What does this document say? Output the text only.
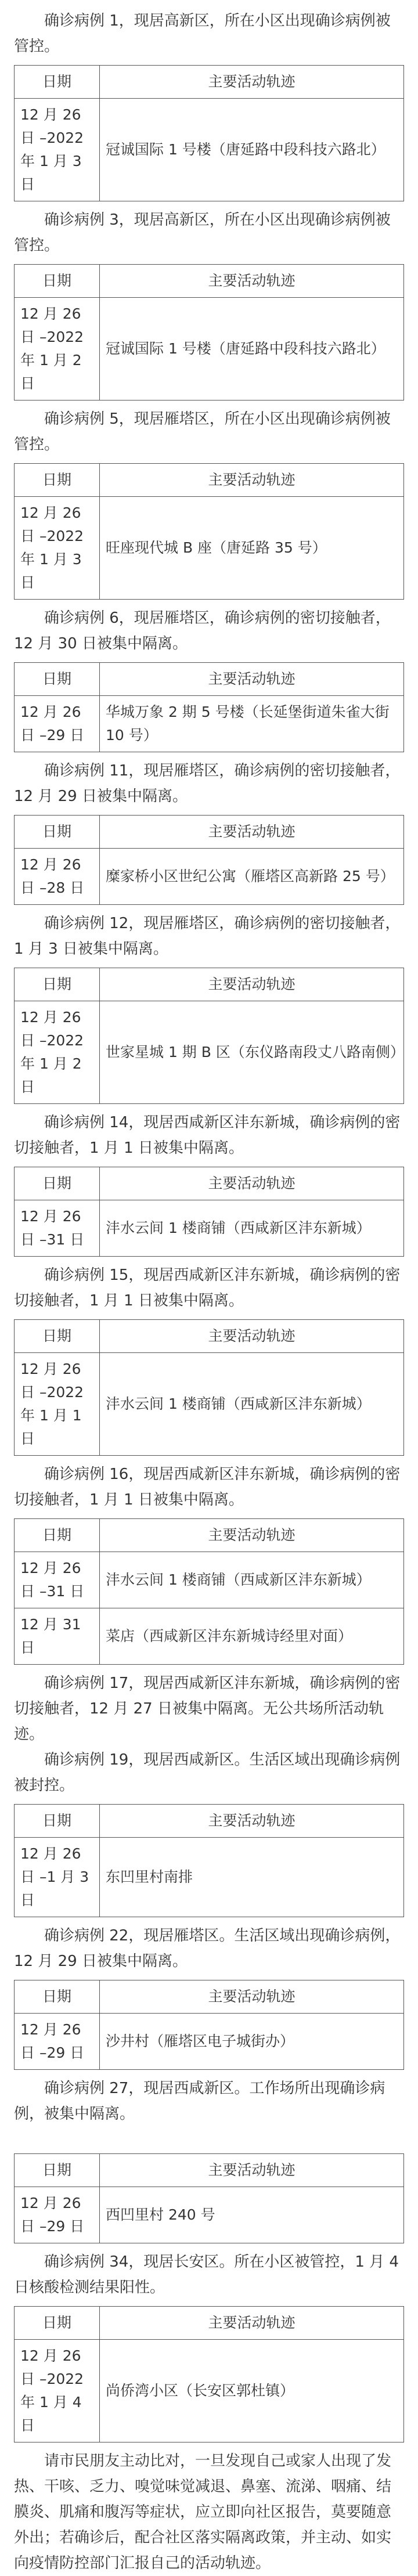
确诊病例 1，现居高新区，所在小区出现确诊病例被管控。

日期	主要活动轨迹
12 月 26 日 –2022 年 1 月 3 日	冠诚国际 1 号楼（唐延路中段科技六路北）

确诊病例 3，现居高新区，所在小区出现确诊病例被管控。

日期	主要活动轨迹
12 月 26 日 –2022 年 1 月 2 日	冠诚国际 1 号楼（唐延路中段科技六路北）

确诊病例 5，现居雁塔区，所在小区出现确诊病例被管控。

日期	主要活动轨迹
12 月 26 日 –2022 年 1 月 3 日	旺座现代城 B 座（唐延路 35 号）

确诊病例 6，现居雁塔区，确诊病例的密切接触者，12 月 30 日被集中隔离。

日期	主要活动轨迹
12 月 26 日 –29 日	华城万象 2 期 5 号楼（长延堡街道朱雀大街 10 号）

确诊病例 11，现居雁塔区，确诊病例的密切接触者，12 月 29 日被集中隔离。

日期	主要活动轨迹
12 月 26 日 –28 日	糜家桥小区世纪公寓（雁塔区高新路 25 号）

确诊病例 12，现居雁塔区，确诊病例的密切接触者，1 月 3 日被集中隔离。

日期	主要活动轨迹
12 月 26 日 –2022 年 1 月 2 日	世家星城 1 期 B 区（东仪路南段丈八路南侧）

确诊病例 14，现居西咸新区沣东新城，确诊病例的密切接触者，1 月 1 日被集中隔离。

日期	主要活动轨迹
12 月 26 日 –31 日	沣水云间 1 楼商铺（西咸新区沣东新城）

确诊病例 15，现居西咸新区沣东新城，确诊病例的密切接触者，1 月 1 日被集中隔离。

日期	主要活动轨迹
12 月 26 日 –2022 年 1 月 1 日	沣水云间 1 楼商铺（西咸新区沣东新城）

确诊病例 16，现居西咸新区沣东新城，确诊病例的密切接触者，1 月 1 日被集中隔离。

日期	主要活动轨迹
12 月 26 日 –31 日	沣水云间 1 楼商铺（西咸新区沣东新城）
12 月 31 日	菜店（西咸新区沣东新城诗经里对面）

确诊病例 17，现居西咸新区沣东新城，确诊病例的密切接触者，12 月 27 日被集中隔离。无公共场所活动轨迹。

确诊病例 19，现居西咸新区。生活区域出现确诊病例被封控。

日期	主要活动轨迹
12 月 26 日 –1 月 3 日	东凹里村南排

确诊病例 22，现居雁塔区。生活区域出现确诊病例，12 月 29 日被集中隔离。

日期	主要活动轨迹
12 月 26 日 –29 日	沙井村（雁塔区电子城街办）

确诊病例 27，现居西咸新区。工作场所出现确诊病例，被集中隔离。

日期	主要活动轨迹
12 月 26 日 –29 日	西凹里村 240 号

确诊病例 34，现居长安区。所在小区被管控，1 月 4 日核酸检测结果阳性。

日期	主要活动轨迹
12 月 26 日 –2022 年 1 月 4 日	尚侨湾小区（长安区郭杜镇）

请市民朋友主动比对，一旦发现自己或家人出现了发热、干咳、乏力、嗅觉味觉减退、鼻塞、流涕、咽痛、结膜炎、肌痛和腹泻等症状，应立即向社区报告，莫要随意外出；若确诊后，配合社区落实隔离政策，并主动、如实向疫情防控部门汇报自己的活动轨迹。
